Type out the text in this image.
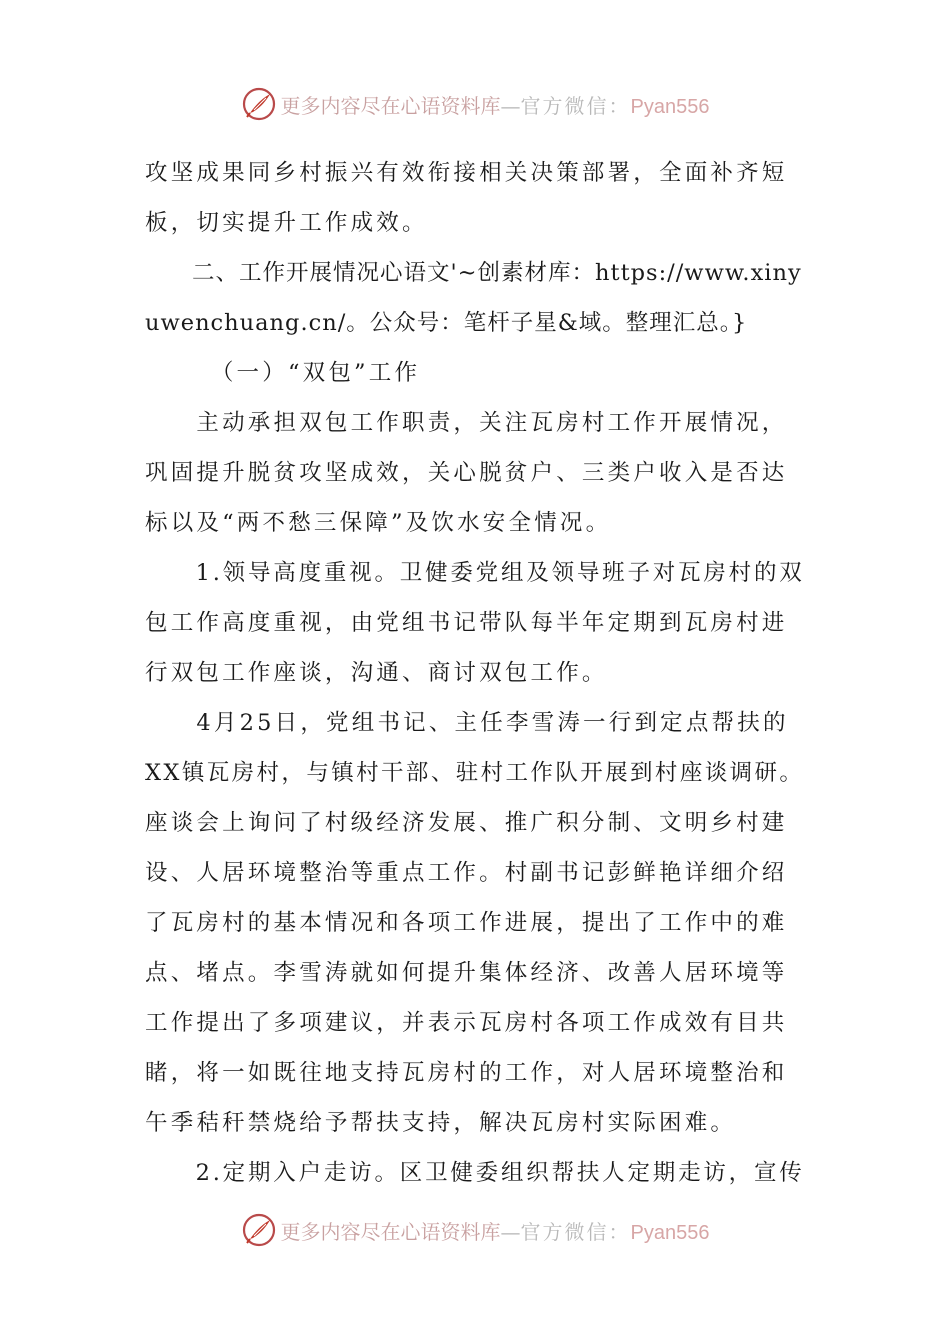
更多内容尽在心语资料库—官方微信：Pyan556
攻坚成果同乡村振兴有效衔接相关决策部署，全面补齐短
板，切实提升工作成效。
　　二、工作开展情况心语文'~创素材库：https://www.xiny
uwenchuang.cn/。公众号：笔杆子星&域。整理汇总。}
　　　（一）“双包”工作
　　主动承担双包工作职责，关注瓦房村工作开展情况，
巩固提升脱贫攻坚成效，关心脱贫户、三类户收入是否达
标以及“两不愁三保障”及饮水安全情况。
　　1.领导高度重视。卫健委党组及领导班子对瓦房村的双
包工作高度重视，由党组书记带队每半年定期到瓦房村进
行双包工作座谈，沟通、商讨双包工作。
　　4月25日，党组书记、主任李雪涛一行到定点帮扶的
XX镇瓦房村，与镇村干部、驻村工作队开展到村座谈调研。
座谈会上询问了村级经济发展、推广积分制、文明乡村建
设、人居环境整治等重点工作。村副书记彭鲜艳详细介绍
了瓦房村的基本情况和各项工作进展，提出了工作中的难
点、堵点。李雪涛就如何提升集体经济、改善人居环境等
工作提出了多项建议，并表示瓦房村各项工作成效有目共
睹，将一如既往地支持瓦房村的工作，对人居环境整治和
午季秸秆禁烧给予帮扶支持，解决瓦房村实际困难。
　　2.定期入户走访。区卫健委组织帮扶人定期走访，宣传
更多内容尽在心语资料库—官方微信：Pyan556
